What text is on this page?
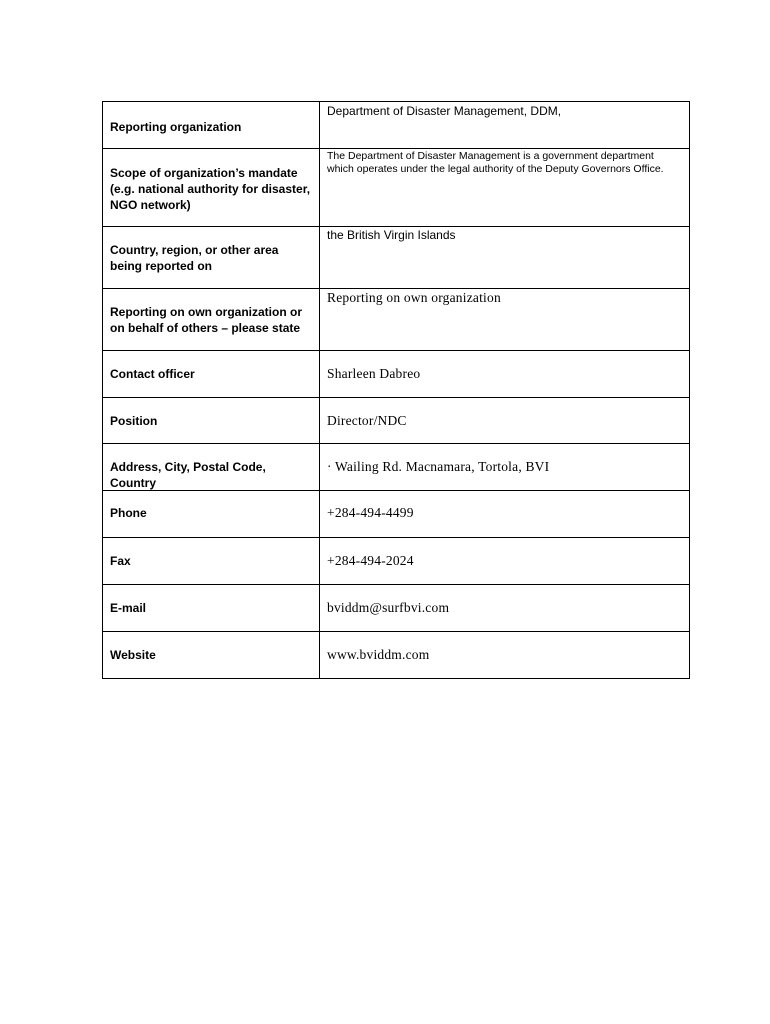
Reporting organization	Department of Disaster Management, DDM,

Scope of organization’s mandate (e.g. national authority for disaster, NGO network)	The Department of Disaster Management is a government department which operates under the legal authority of the Deputy Governors Office.

Country, region, or other area being reported on	the British Virgin Islands

Reporting on own organization or on behalf of others – please state	Reporting on own organization

Contact officer	Sharleen Dabreo

Position	Director/NDC

Address, City, Postal Code, Country	· Wailing Rd. Macnamara, Tortola, BVI

Phone	+284-494-4499

Fax	+284-494-2024

E-mail	bviddm@surfbvi.com

Website	www.bviddm.com
